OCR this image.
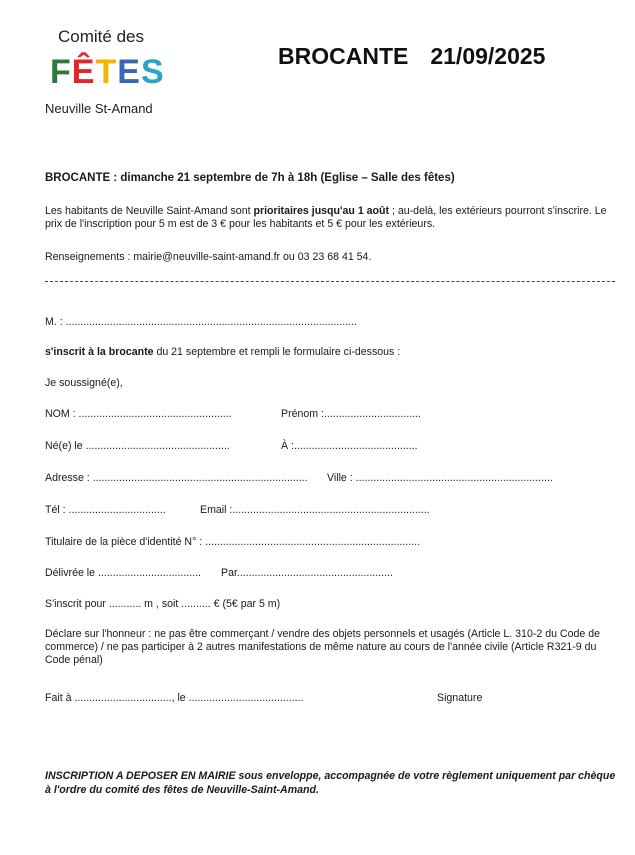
Comité des
FÊTES
Neuville St-Amand
BROCANTE 21/09/2025
BROCANTE : dimanche 21 septembre de 7h à 18h (Eglise – Salle des fêtes)
Les habitants de Neuville Saint-Amand sont prioritaires jusqu'au 1 août ; au-delà, les extérieurs pourront s'inscrire. Le prix de l'inscription pour 5 m est de 3 € pour les habitants et 5 € pour les extérieurs.
Renseignements : mairie@neuville-saint-amand.fr ou 03 23 68 41 54.
M. : ...................................................................................................
s'inscrit à la brocante du 21 septembre et rempli le formulaire ci-dessous :
Je soussigné(e),
NOM : ....................................................	Prénom :.................................
Né(e) le .................................................	À :..........................................
Adresse : ......................................................................... Ville : ...................................................................
Tél : .................................	Email :...................................................................
Titulaire de la pièce d'identité N° : .........................................................................
Délivrée le ................................... Par.....................................................
S'inscrit pour ........... m , soit .......... € (5€ par 5 m)
Déclare sur l'honneur : ne pas être commerçant / vendre des objets personnels et usagés (Article L. 310-2 du Code de commerce) / ne pas participer à 2 autres manifestations de même nature au cours de l'année civile (Article R321-9 du Code pénal)
Fait à ................................., le .......................................	Signature
INSCRIPTION A DEPOSER EN MAIRIE sous enveloppe, accompagnée de votre règlement uniquement par chèque à l'ordre du comité des fêtes de Neuville-Saint-Amand.
